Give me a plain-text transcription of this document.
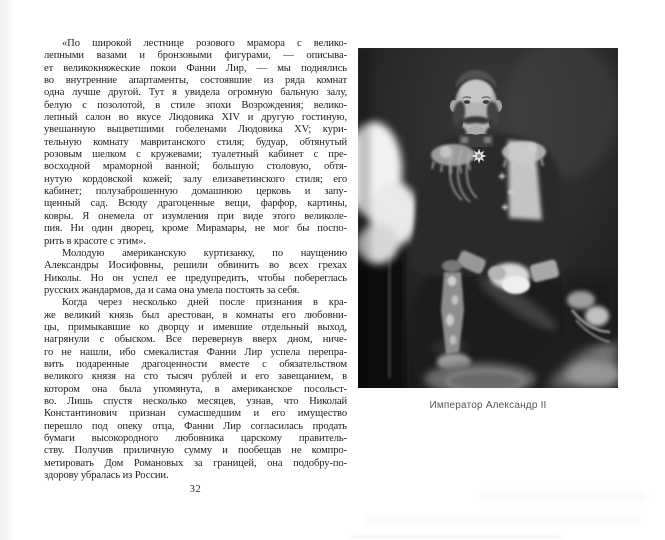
«По широкой лестнице розового мрамора с велико-
лепными вазами и бронзовыми фигурами, — описыва-
ет великокняжеские покои Фанни Лир, — мы поднялись
во внутренние апартаменты, состоявшие из ряда комнат
одна лучше другой. Тут я увидела огромную бальную залу,
белую с позолотой, в стиле эпохи Возрождения; велико-
лепный салон во вкусе Людовика XIV и другую гостиную,
увешанную выцветшими гобеленами Людовика XV; кури-
тельную комнату мавританского стиля; будуар, обтянутый
розовым шелком с кружевами; туалетный кабинет с пре-
восходной мраморной ванной; большую столовую, обтя-
нутую кордовской кожей; залу елизаветинского стиля; его
кабинет; полузаброшенную домашнюю церковь и запу-
щенный сад. Всюду драгоценные вещи, фарфор, картины,
ковры. Я онемела от изумления при виде этого великоле-
пия. Ни один дворец, кроме Мирамары, не мог бы поспо-
рить в красоте с этим».
Молодую американскую куртизанку, по наущению
Александры Иосифовны, решили обвинить во всех грехах
Николы. Но он успел ее предупредить, чтобы побереглась
русских жандармов, да и сама она умела постоять за себя.
Когда через несколько дней после признания в кра-
же великий князь был арестован, в комнаты его любовни-
цы, примыкавшие ко дворцу и имевшие отдельный выход,
нагрянули с обыском. Все перевернув вверх дном, ниче-
го не нашли, ибо смекалистая Фанни Лир успела перепра-
вить подаренные драгоценности вместе с обязательством
великого князя на сто тысяч рублей и его завещанием, в
котором она была упомянута, в американское посольст-
во. Лишь спустя несколько месяцев, узнав, что Николай
Константинович признан сумасшедшим и его имущество
перешло под опеку отца, Фанни Лир согласилась продать
бумаги высокородного любовника царскому правитель-
ству. Получив приличную сумму и пообещав не компро-
метировать Дом Романовых за границей, она подобру-по-
здорову убралась из России.
Император Александр II
32
